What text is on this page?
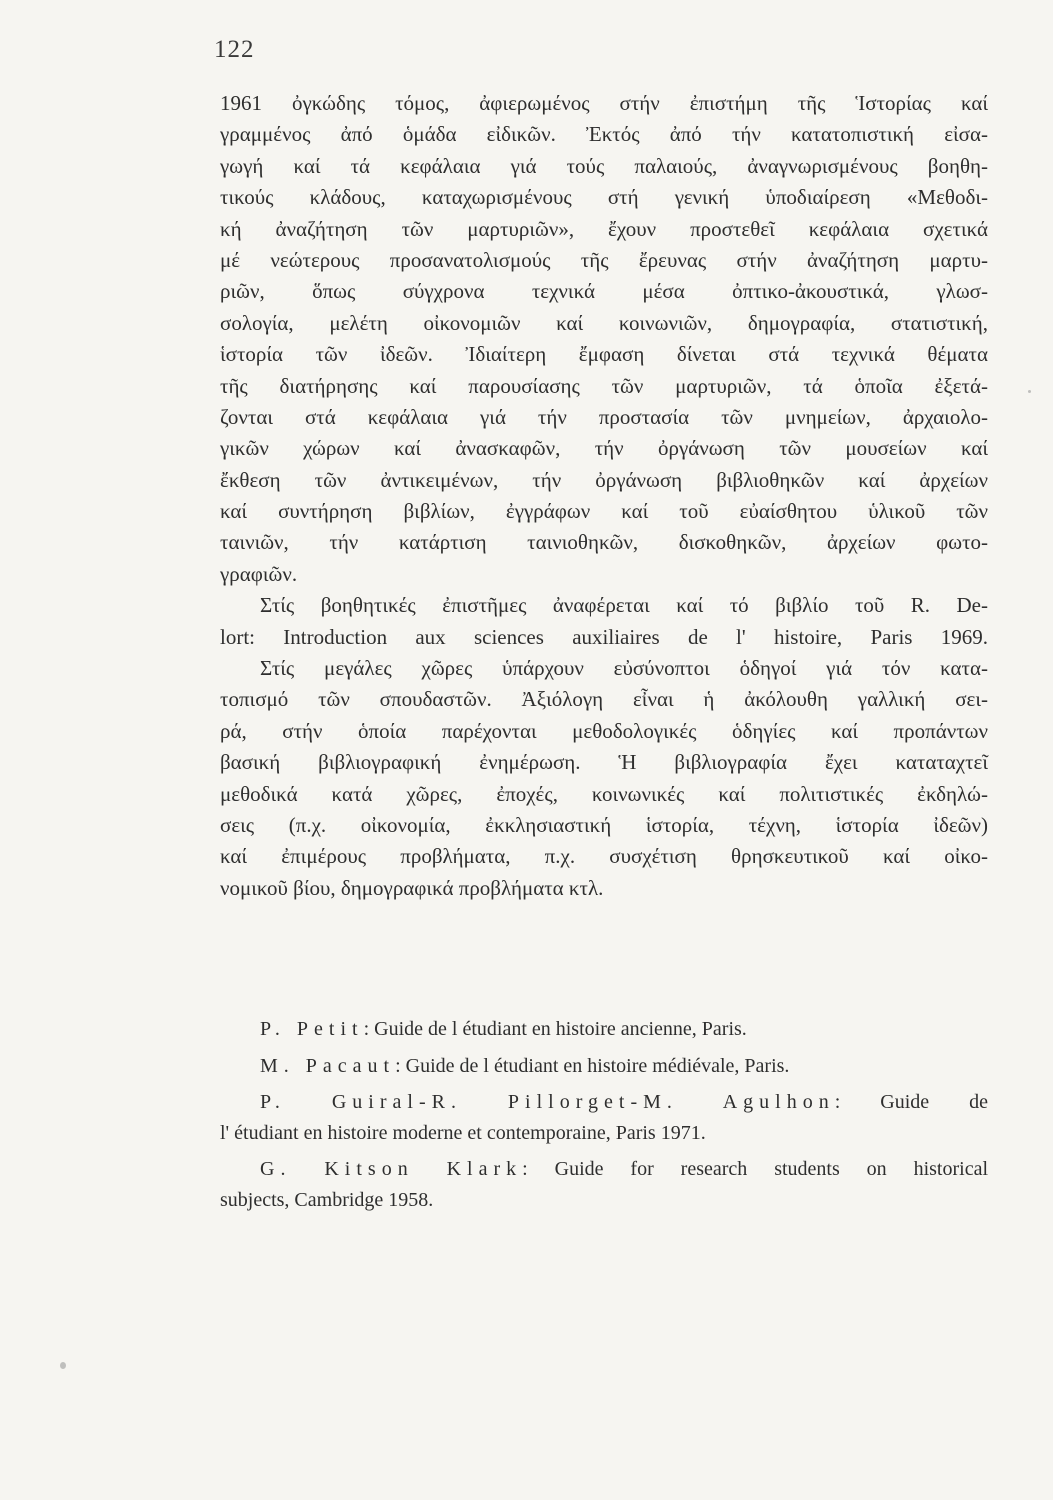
122
1961 ὀγκώδης τόμος, ἀφιερωμένος στήν ἐπιστήμη τῆς Ἱστορίας καί
γραμμένος ἀπό ὁμάδα εἰδικῶν. Ἐκτός ἀπό τήν κατατοπιστική εἰσα-
γωγή καί τά κεφάλαια γιά τούς παλαιούς, ἀναγνωρισμένους βοηθη-
τικούς κλάδους, καταχωρισμένους στή γενική ὑποδιαίρεση «Μεθοδι-
κή ἀναζήτηση τῶν μαρτυριῶν», ἔχουν προστεθεῖ κεφάλαια σχετικά
μέ νεώτερους προσανατολισμούς τῆς ἔρευνας στήν ἀναζήτηση μαρτυ-
ριῶν, ὅπως σύγχρονα τεχνικά μέσα ὀπτικο-ἀκουστικά, γλωσ-
σολογία, μελέτη οἰκονομιῶν καί κοινωνιῶν, δημογραφία, στατιστική,
ἱστορία τῶν ἰδεῶν. Ἰδιαίτερη ἔμφαση δίνεται στά τεχνικά θέματα
τῆς διατήρησης καί παρουσίασης τῶν μαρτυριῶν, τά ὁποῖα ἐξετά-
ζονται στά κεφάλαια γιά τήν προστασία τῶν μνημείων, ἀρχαιολο-
γικῶν χώρων καί ἀνασκαφῶν, τήν ὀργάνωση τῶν μουσείων καί
ἔκθεση τῶν ἀντικειμένων, τήν ὀργάνωση βιβλιοθηκῶν καί ἀρχείων
καί συντήρηση βιβλίων, ἐγγράφων καί τοῦ εὐαίσθητου ὑλικοῦ τῶν
ταινιῶν, τήν κατάρτιση ταινιοθηκῶν, δισκοθηκῶν, ἀρχείων φωτο-
γραφιῶν.
Στίς βοηθητικές ἐπιστῆμες ἀναφέρεται καί τό βιβλίο τοῦ R. De-
lort: Introduction aux sciences auxiliaires de l' histoire, Paris 1969.
Στίς μεγάλες χῶρες ὑπάρχουν εὐσύνοπτοι ὁδηγοί γιά τόν κατα-
τοπισμό τῶν σπουδαστῶν. Ἀξιόλογη εἶναι ἡ ἀκόλουθη γαλλική σει-
ρά, στήν ὁποία παρέχονται μεθοδολογικές ὁδηγίες καί προπάντων
βασική βιβλιογραφική ἐνημέρωση. Ἡ βιβλιογραφία ἔχει καταταχτεῖ
μεθοδικά κατά χῶρες, ἐποχές, κοινωνικές καί πολιτιστικές ἐκδηλώ-
σεις (π.χ. οἰκονομία, ἐκκλησιαστική ἱστορία, τέχνη, ἱστορία ἰδεῶν)
καί ἐπιμέρους προβλήματα, π.χ. συσχέτιση θρησκευτικοῦ καί οἰκο-
νομικοῦ βίου, δημογραφικά προβλήματα κτλ.
P. Petit: Guide de l étudiant en histoire ancienne, Paris.
M. Pacaut: Guide de l étudiant en histoire médiévale, Paris.
P. Guiral-R. Pillorget-M. Agulhon: Guide de
l' étudiant en histoire moderne et contemporaine, Paris 1971.
G. Kitson Klark: Guide for research students on historical
subjects, Cambridge 1958.
